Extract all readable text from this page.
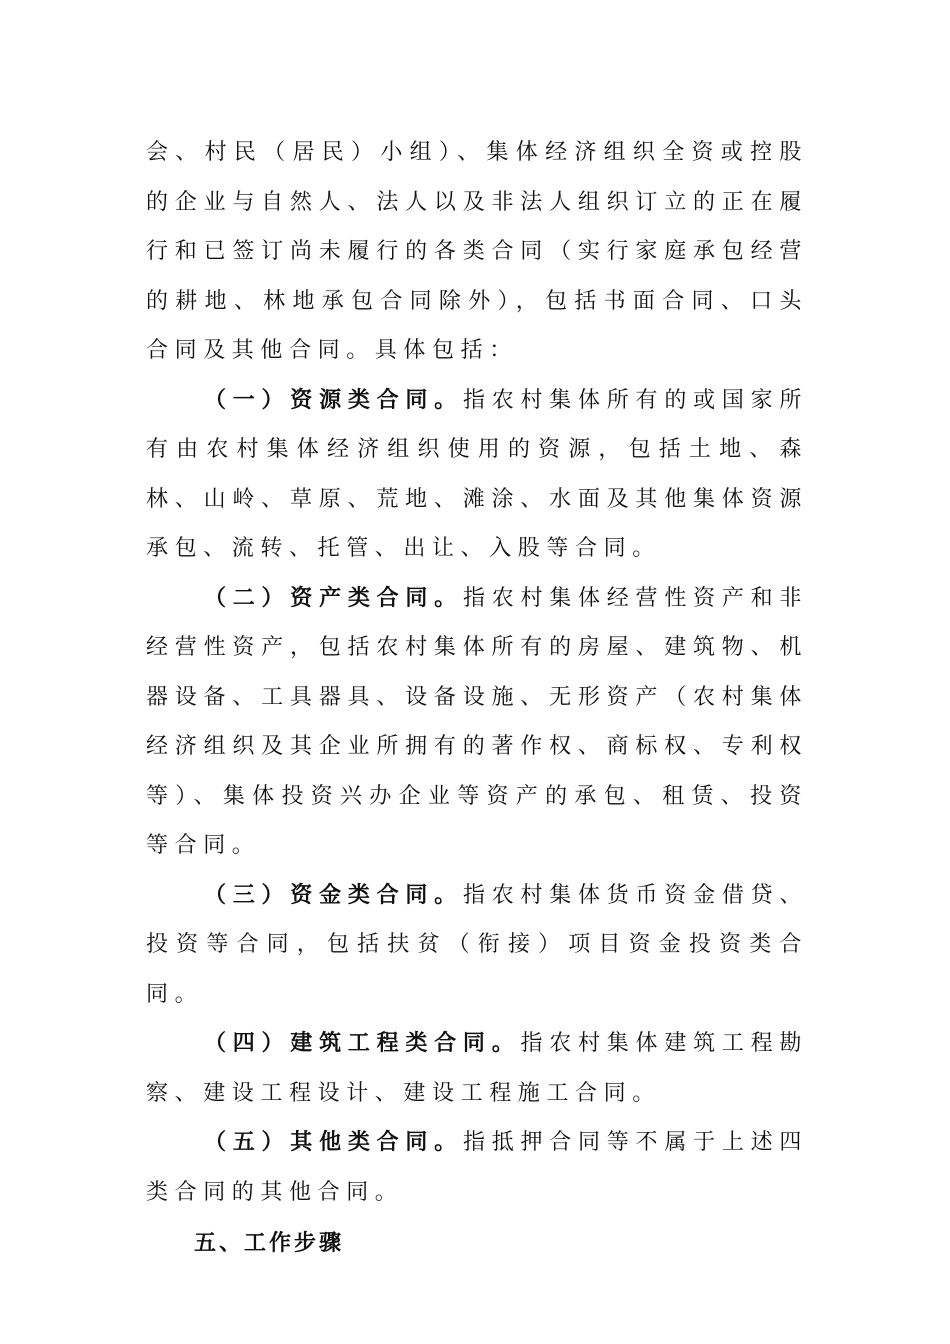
会、村民（居民）小组）、集体经济组织全资或控股的企业与自然人、法人以及非法人组织订立的正在履行和已签订尚未履行的各类合同（实行家庭承包经营的耕地、林地承包合同除外），包括书面合同、口头合同及其他合同。具体包括：

（一）资源类合同。指农村集体所有的或国家所有由农村集体经济组织使用的资源，包括土地、森林、山岭、草原、荒地、滩涂、水面及其他集体资源承包、流转、托管、出让、入股等合同。

（二）资产类合同。指农村集体经营性资产和非经营性资产，包括农村集体所有的房屋、建筑物、机器设备、工具器具、设备设施、无形资产（农村集体经济组织及其企业所拥有的著作权、商标权、专利权等）、集体投资兴办企业等资产的承包、租赁、投资等合同。

（三）资金类合同。指农村集体货币资金借贷、投资等合同，包括扶贫（衔接）项目资金投资类合同。

（四）建筑工程类合同。指农村集体建筑工程勘察、建设工程设计、建设工程施工合同。

（五）其他类合同。指抵押合同等不属于上述四类合同的其他合同。

五、工作步骤
